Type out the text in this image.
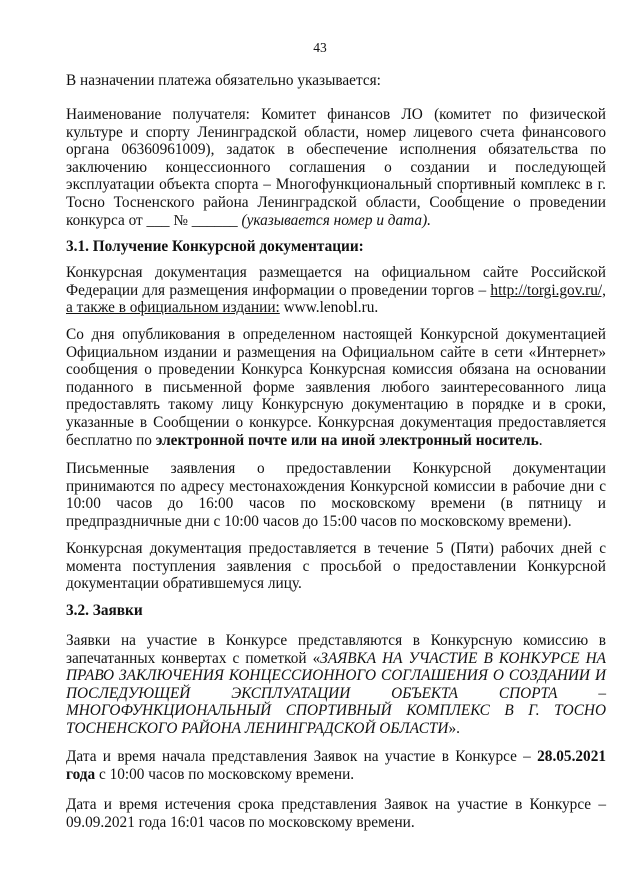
43

В назначении платежа обязательно указывается:

Наименование получателя: Комитет финансов ЛО (комитет по физической культуре и спорту Ленинградской области, номер лицевого счета финансового органа 06360961009), задаток в обеспечение исполнения обязательства по заключению концессионного соглашения о создании и последующей эксплуатации объекта спорта – Многофункциональный спортивный комплекс в г. Тосно Тосненского района Ленинградской области, Сообщение о проведении конкурса от ___ № ______ (указывается номер и дата).

3.1. Получение Конкурсной документации:

Конкурсная документация размещается на официальном сайте Российской Федерации для размещения информации о проведении торгов – http://torgi.gov.ru/, а также в официальном издании: www.lenobl.ru.

Со дня опубликования в определенном настоящей Конкурсной документацией Официальном издании и размещения на Официальном сайте в сети «Интернет» сообщения о проведении Конкурса Конкурсная комиссия обязана на основании поданного в письменной форме заявления любого заинтересованного лица предоставлять такому лицу Конкурсную документацию в порядке и в сроки, указанные в Сообщении о конкурсе. Конкурсная документация предоставляется бесплатно по электронной почте или на иной электронный носитель.

Письменные заявления о предоставлении Конкурсной документации принимаются по адресу местонахождения Конкурсной комиссии в рабочие дни с 10:00 часов до 16:00 часов по московскому времени (в пятницу и предпраздничные дни с 10:00 часов до 15:00 часов по московскому времени).

Конкурсная документация предоставляется в течение 5 (Пяти) рабочих дней с момента поступления заявления с просьбой о предоставлении Конкурсной документации обратившемуся лицу.

3.2. Заявки

Заявки на участие в Конкурсе представляются в Конкурсную комиссию в запечатанных конвертах с пометкой «ЗАЯВКА НА УЧАСТИЕ В КОНКУРСЕ НА ПРАВО ЗАКЛЮЧЕНИЯ КОНЦЕССИОННОГО СОГЛАШЕНИЯ О СОЗДАНИИ И ПОСЛЕДУЮЩЕЙ ЭКСПЛУАТАЦИИ ОБЪЕКТА СПОРТА – МНОГОФУНКЦИОНАЛЬНЫЙ СПОРТИВНЫЙ КОМПЛЕКС В Г. ТОСНО ТОСНЕНСКОГО РАЙОНА ЛЕНИНГРАДСКОЙ ОБЛАСТИ».

Дата и время начала представления Заявок на участие в Конкурсе – 28.05.2021 года с 10:00 часов по московскому времени.

Дата и время истечения срока представления Заявок на участие в Конкурсе – 09.09.2021 года 16:01 часов по московскому времени.
